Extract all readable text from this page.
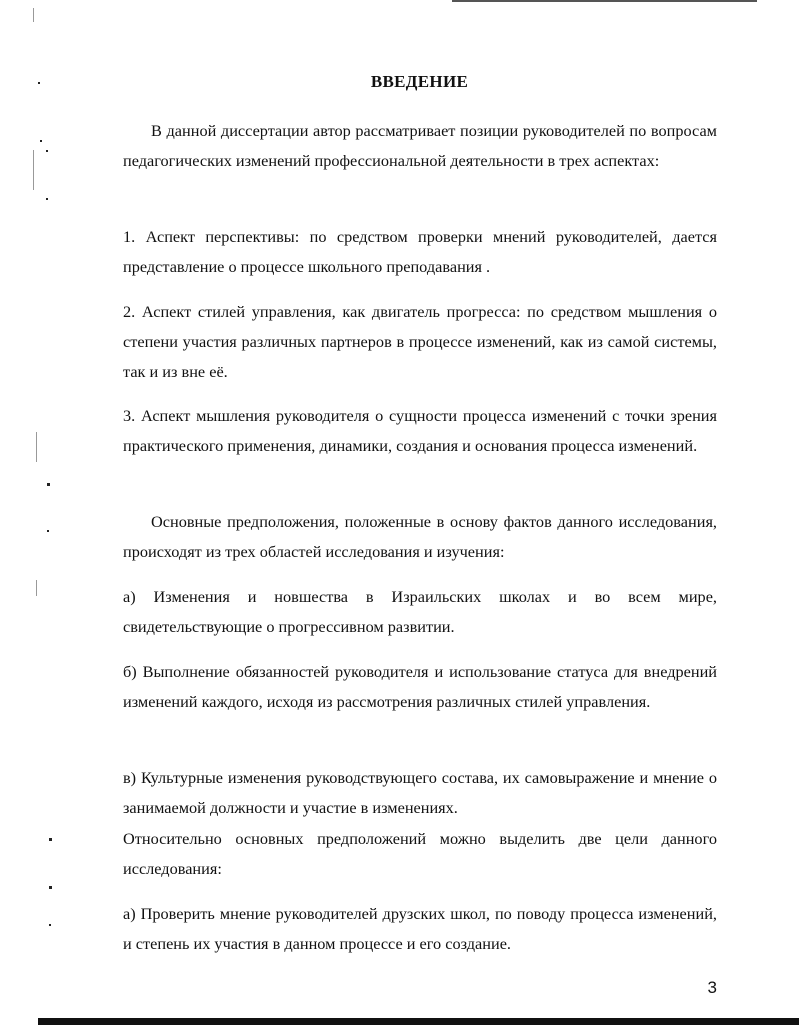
ВВЕДЕНИЕ

В данной диссертации автор рассматривает позиции руководителей по вопросам педагогических изменений профессиональной деятельности в трех аспектах:

1. Аспект перспективы: по средством проверки мнений руководителей, дается представление о процессе школьного преподавания .

2. Аспект стилей управления, как двигатель прогресса: по средством мышления о степени участия различных партнеров в процессе изменений, как из самой системы, так и из вне её.

3. Аспект мышления руководителя о сущности процесса изменений с точки зрения практического применения, динамики, создания и основания процесса изменений.

Основные предположения, положенные в основу фактов данного исследования, происходят из трех областей исследования и изучения:

а) Изменения и новшества в Израильских школах и во всем мире, свидетельствующие о прогрессивном развитии.

б) Выполнение обязанностей руководителя и использование статуса для внедрений изменений каждого, исходя из рассмотрения различных стилей управления.

в) Культурные изменения руководствующего состава, их самовыражение и мнение о занимаемой должности и участие в изменениях.

Относительно основных предположений можно выделить две цели данного исследования:

а) Проверить мнение руководителей друзских школ, по поводу процесса изменений, и степень их участия в данном процессе и его создание.

3
